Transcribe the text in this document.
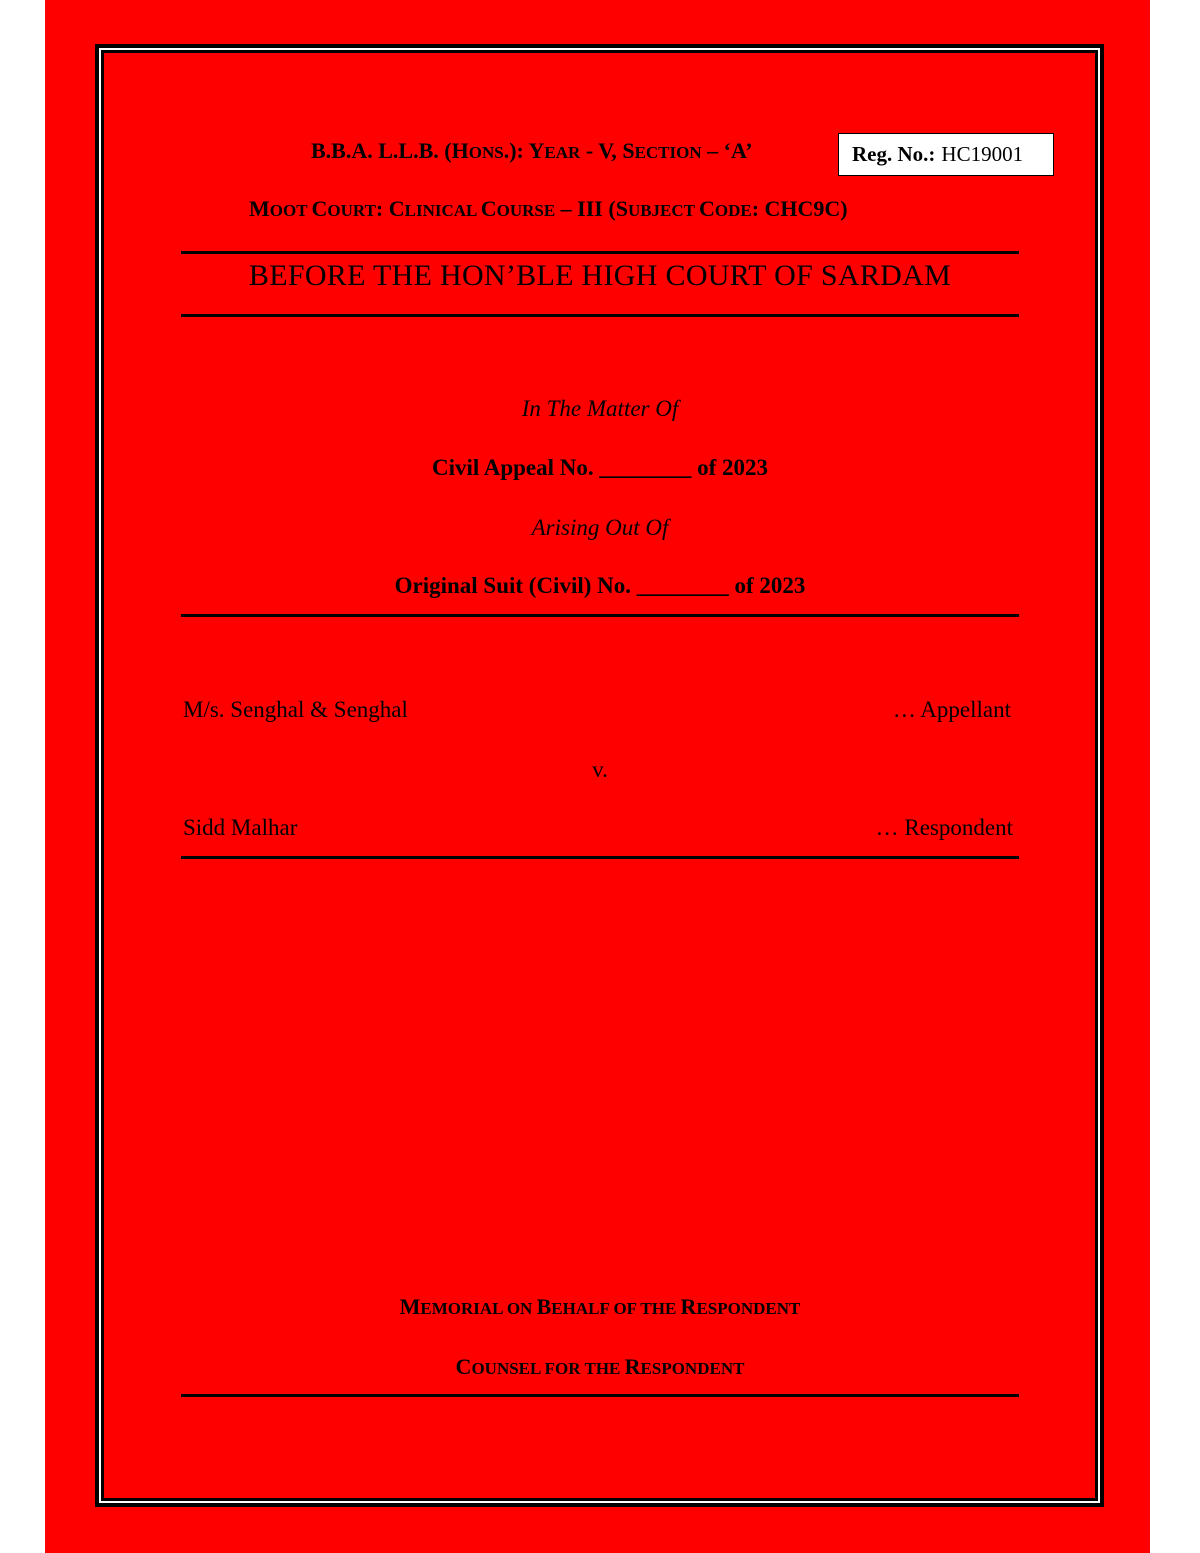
B.B.A. L.L.B. (HONS.): YEAR - V, SECTION – ‘A’	Reg. No.: HC19001
MOOT COURT: CLINICAL COURSE – III (SUBJECT CODE: CHC9C)
BEFORE THE HON’BLE HIGH COURT OF SARDAM
In The Matter Of
Civil Appeal No. ________ of 2023
Arising Out Of
Original Suit (Civil) No. ________ of 2023
M/s. Senghal & Senghal	… Appellant
v.
Sidd Malhar	… Respondent
MEMORIAL ON BEHALF OF THE RESPONDENT
COUNSEL FOR THE RESPONDENT
